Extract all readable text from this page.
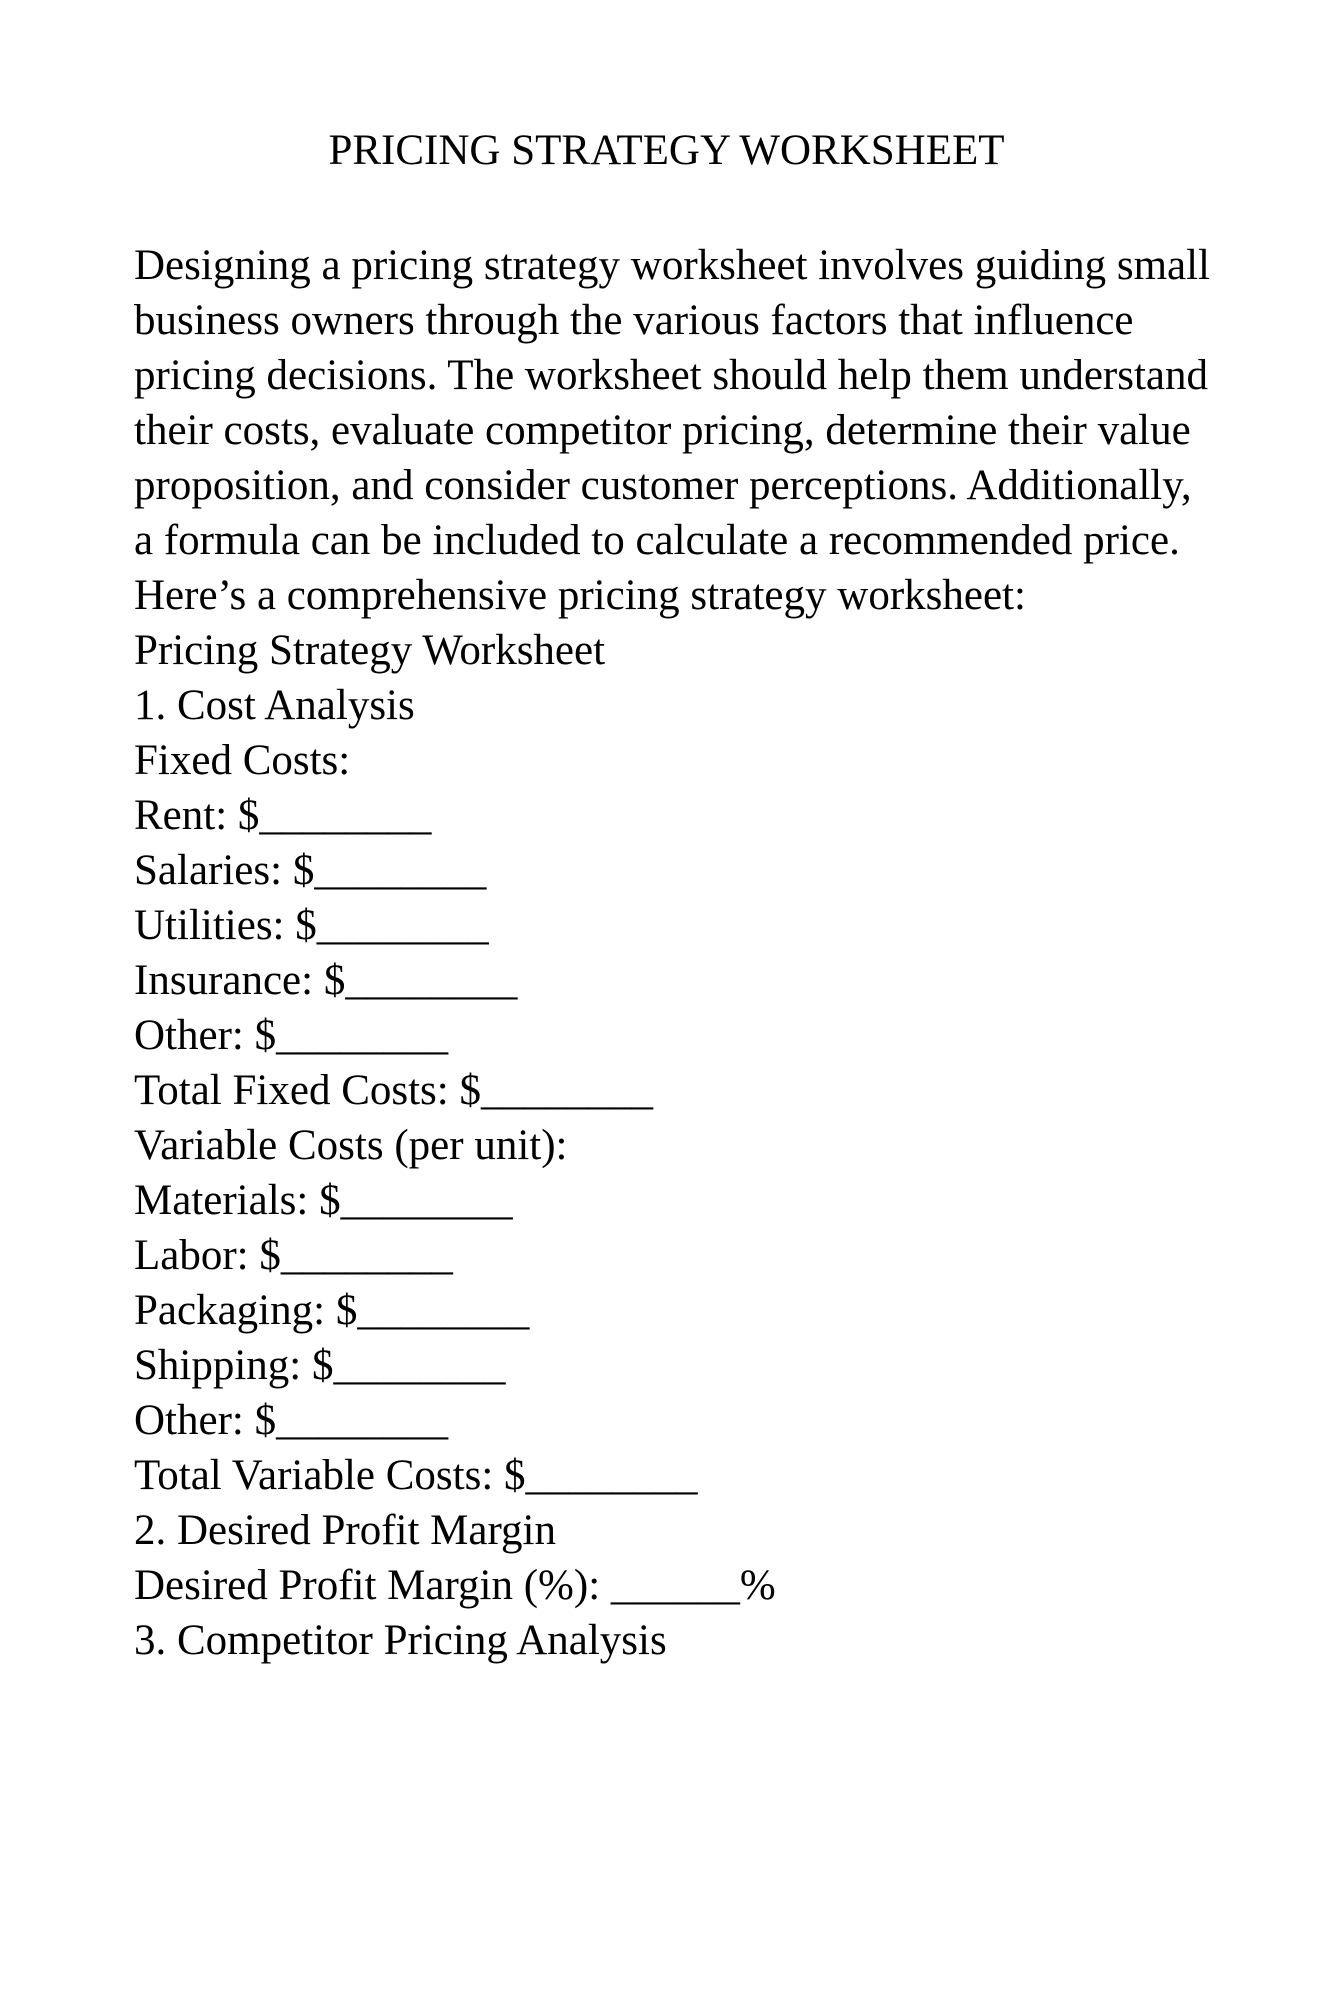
PRICING STRATEGY WORKSHEET
Designing a pricing strategy worksheet involves guiding small
business owners through the various factors that influence
pricing decisions. The worksheet should help them understand
their costs, evaluate competitor pricing, determine their value
proposition, and consider customer perceptions. Additionally,
a formula can be included to calculate a recommended price.
Here’s a comprehensive pricing strategy worksheet:
Pricing Strategy Worksheet
1. Cost Analysis
Fixed Costs:
Rent: $________
Salaries: $________
Utilities: $________
Insurance: $________
Other: $________
Total Fixed Costs: $________
Variable Costs (per unit):
Materials: $________
Labor: $________
Packaging: $________
Shipping: $________
Other: $________
Total Variable Costs: $________
2. Desired Profit Margin
Desired Profit Margin (%): ______%
3. Competitor Pricing Analysis
